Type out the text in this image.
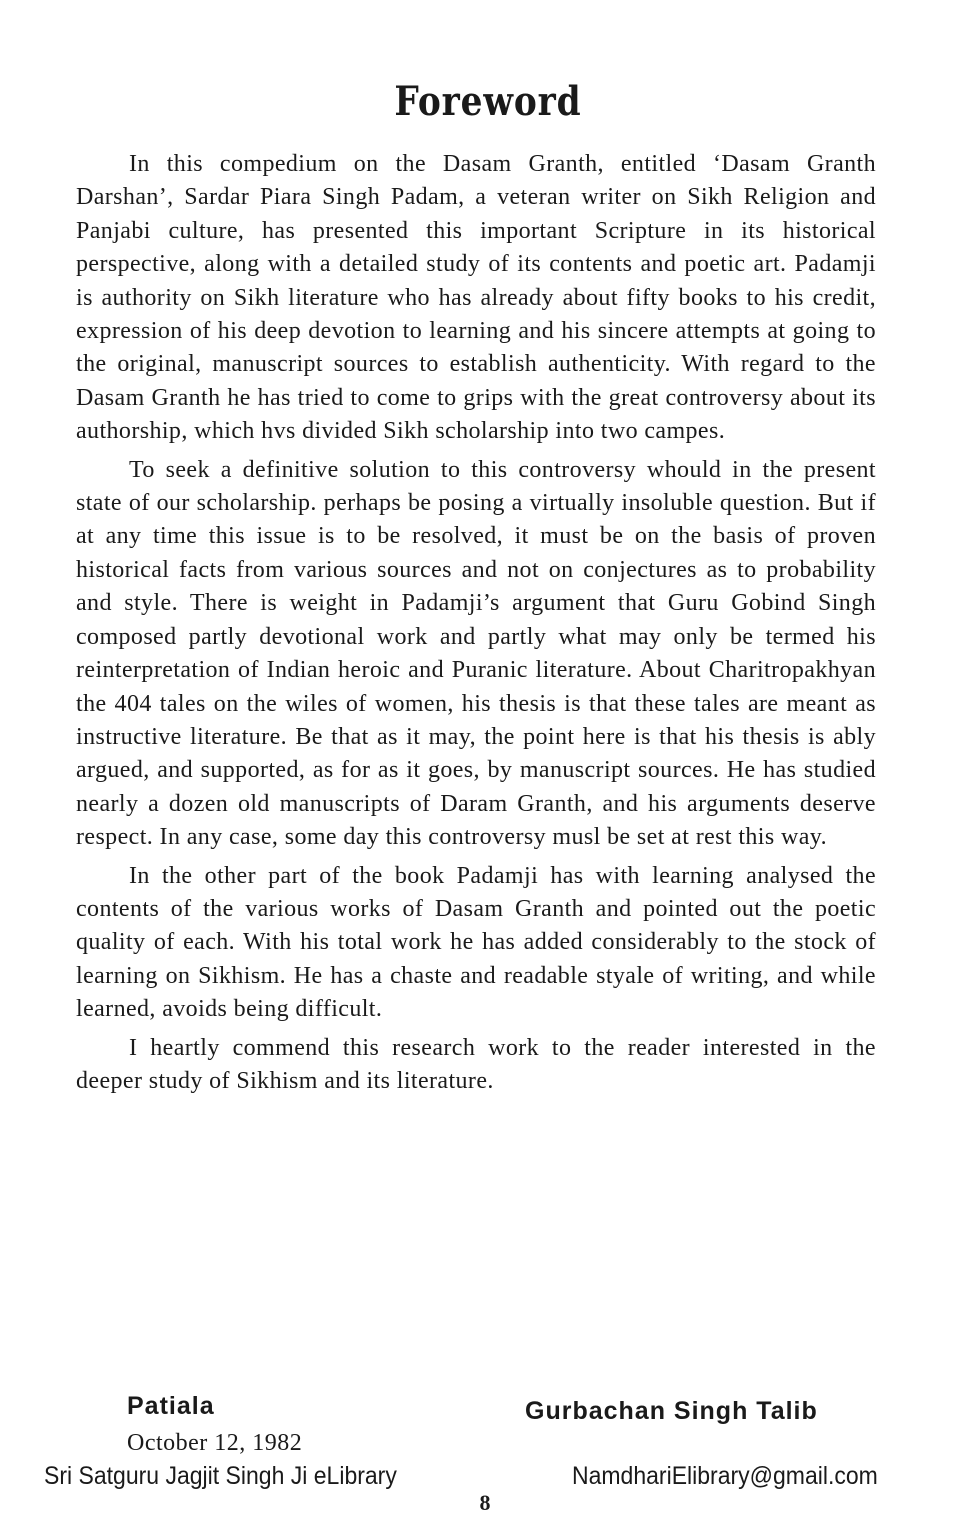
Foreword

In this compedium on the Dasam Granth, entitled ‘Dasam Granth Darshan’, Sardar Piara Singh Padam, a veteran writer on Sikh Religion and Panjabi culture, has presented this important Scripture in its historical perspective, along with a detailed study of its contents and poetic art. Padamji is authority on Sikh literature who has already about fifty books to his credit, expression of his deep devotion to learning and his sincere attempts at going to the original, manuscript sources to establish authenticity. With regard to the Dasam Granth he has tried to come to grips with the great controversy about its authorship, which hvs divided Sikh scholarship into two campes.

To seek a definitive solution to this controversy whould in the present state of our scholarship. perhaps be posing a virtually insoluble question. But if at any time this issue is to be resolved, it must be on the basis of proven historical facts from various sources and not on conjectures as to probability and style. There is weight in Padamji’s argument that Guru Gobind Singh composed partly devotional work and partly what may only be termed his reinterpretation of Indian heroic and Puranic literature. About Charitropakhyan the 404 tales on the wiles of women, his thesis is that these tales are meant as instructive literature. Be that as it may, the point here is that his thesis is ably argued, and supported, as for as it goes, by manuscript sources. He has studied nearly a dozen old manuscripts of Daram Granth, and his arguments deserve respect. In any case, some day this controversy musl be set at rest this way.

In the other part of the book Padamji has with learning analysed the contents of the various works of Dasam Granth and pointed out the poetic quality of each. With his total work he has added considerably to the stock of learning on Sikhism. He has a chaste and readable styale of writing, and while learned, avoids being difficult.

I heartly commend this research work to the reader interested in the deeper study of Sikhism and its literature.

Patiala
October 12, 1982
Gurbachan Singh Talib
Sri Satguru Jagjit Singh Ji eLibrary	NamdhariElibrary@gmail.com
8
